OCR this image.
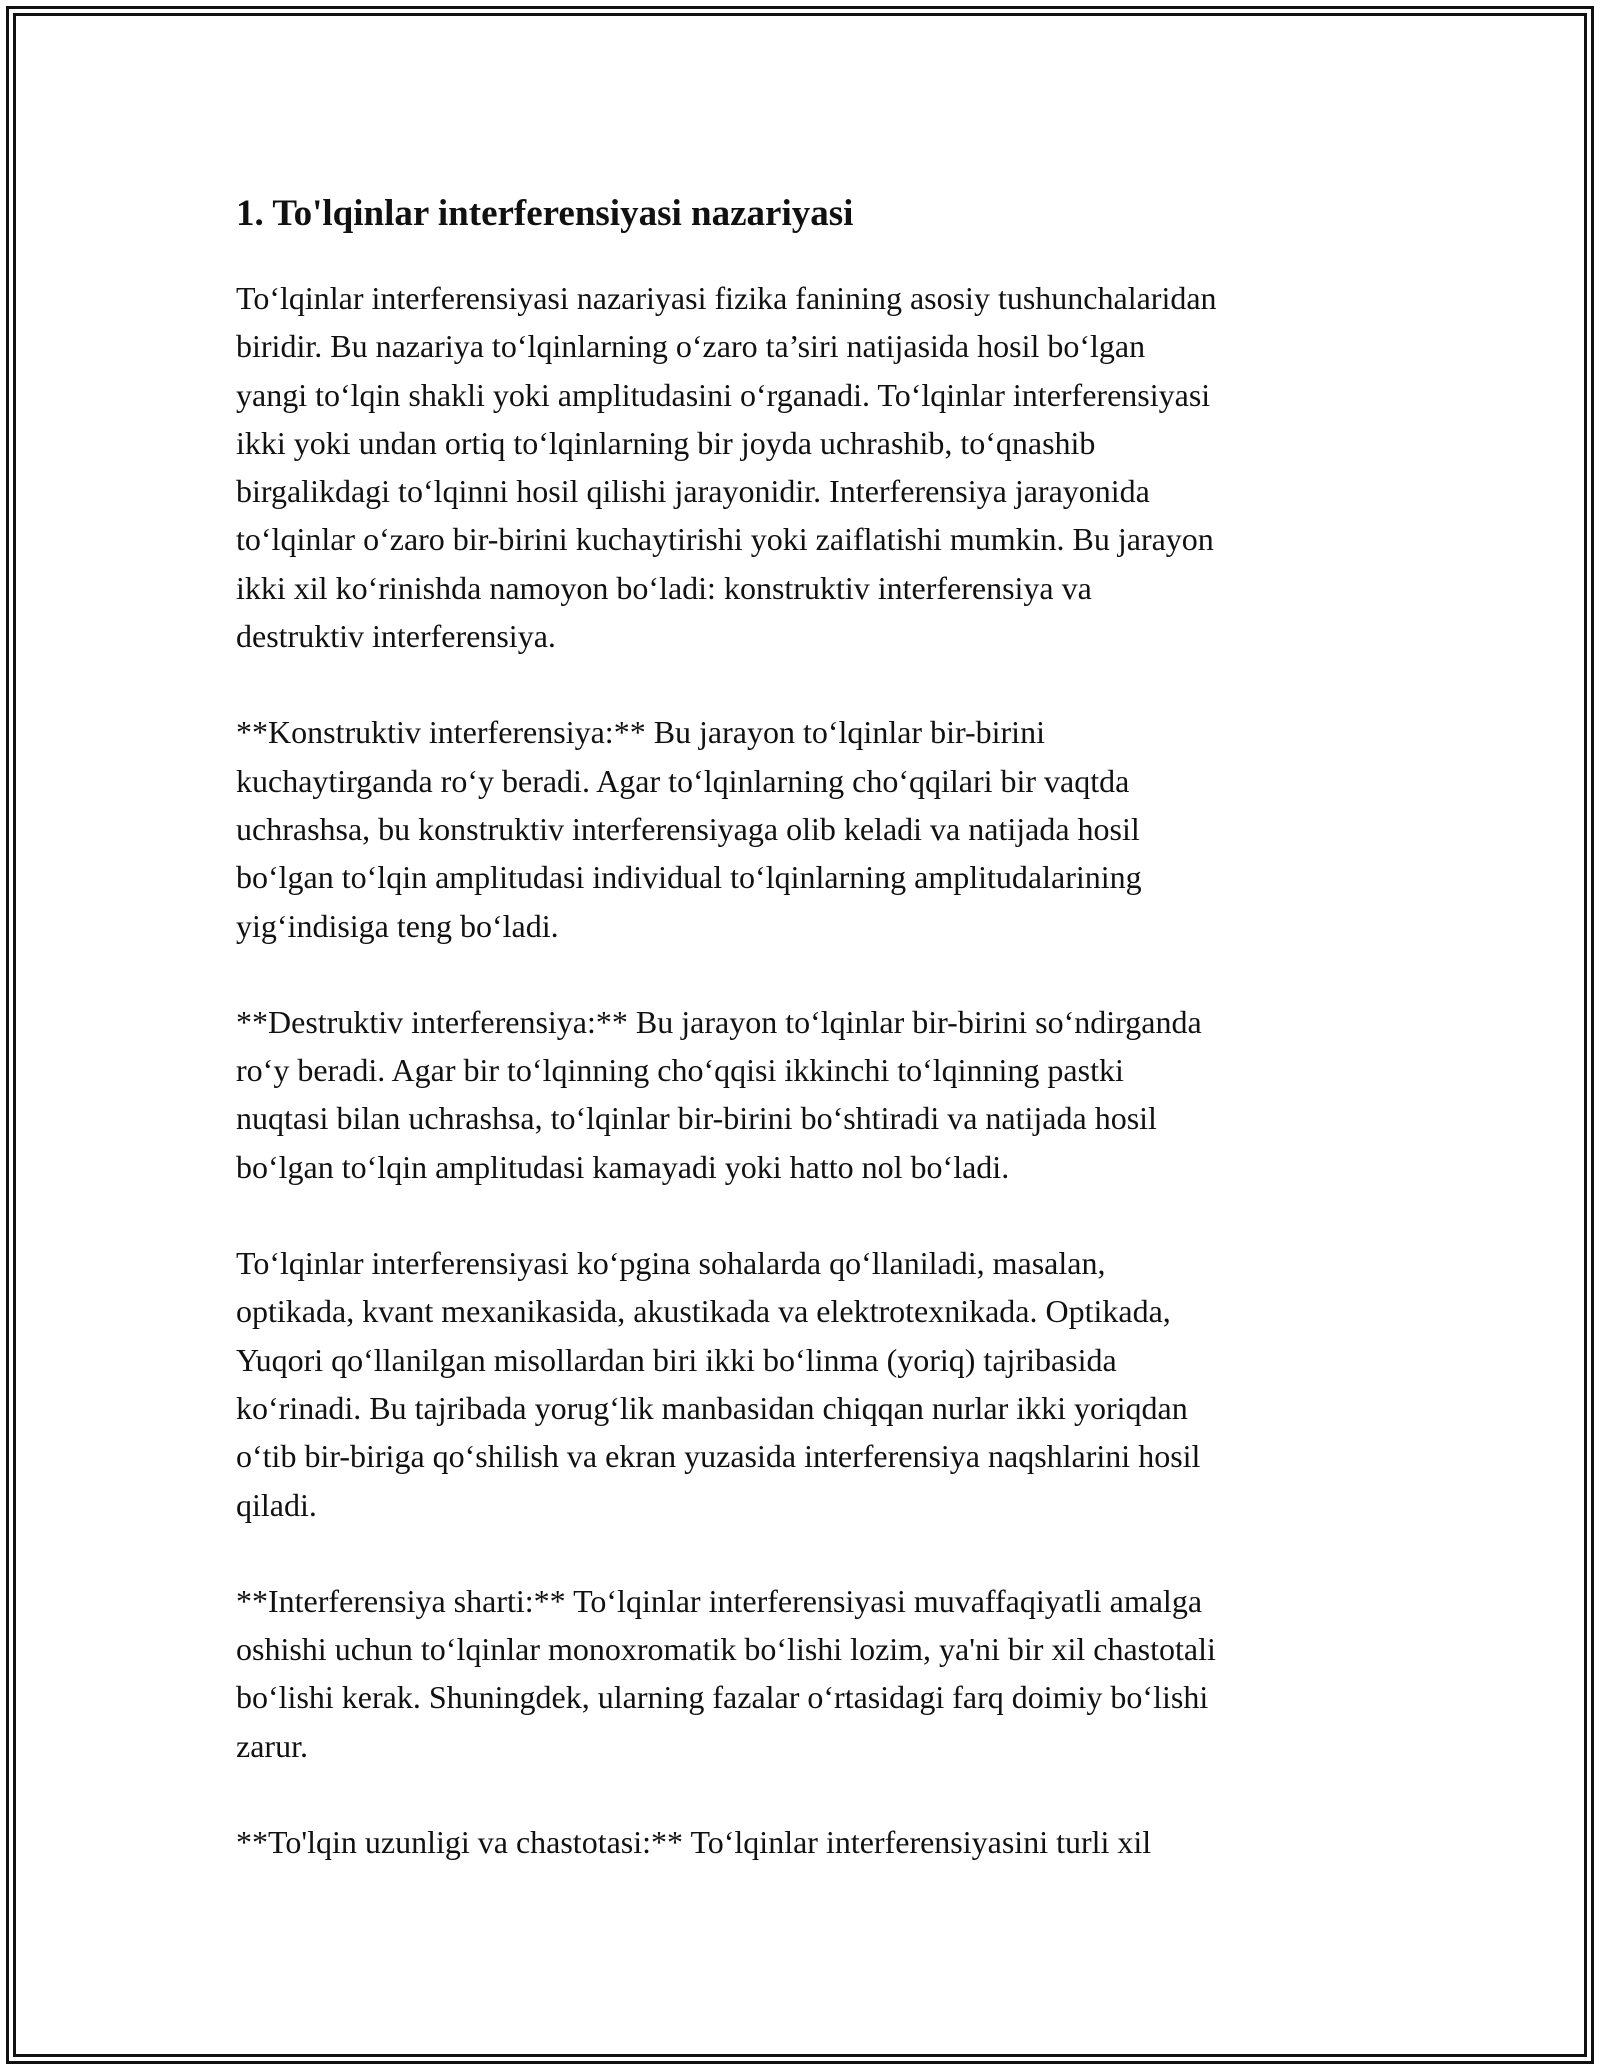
1. To'lqinlar interferensiyasi nazariyasi

To‘lqinlar interferensiyasi nazariyasi fizika fanining asosiy tushunchalaridan
biridir. Bu nazariya to‘lqinlarning o‘zaro ta’siri natijasida hosil bo‘lgan
yangi to‘lqin shakli yoki amplitudasini o‘rganadi. To‘lqinlar interferensiyasi
ikki yoki undan ortiq to‘lqinlarning bir joyda uchrashib, to‘qnashib
birgalikdagi to‘lqinni hosil qilishi jarayonidir. Interferensiya jarayonida
to‘lqinlar o‘zaro bir-birini kuchaytirishi yoki zaiflatishi mumkin. Bu jarayon
ikki xil ko‘rinishda namoyon bo‘ladi: konstruktiv interferensiya va
destruktiv interferensiya.

**Konstruktiv interferensiya:** Bu jarayon to‘lqinlar bir-birini
kuchaytirganda ro‘y beradi. Agar to‘lqinlarning cho‘qqilari bir vaqtda
uchrashsa, bu konstruktiv interferensiyaga olib keladi va natijada hosil
bo‘lgan to‘lqin amplitudasi individual to‘lqinlarning amplitudalarining
yig‘indisiga teng bo‘ladi.

**Destruktiv interferensiya:** Bu jarayon to‘lqinlar bir-birini so‘ndirganda
ro‘y beradi. Agar bir to‘lqinning cho‘qqisi ikkinchi to‘lqinning pastki
nuqtasi bilan uchrashsa, to‘lqinlar bir-birini bo‘shtiradi va natijada hosil
bo‘lgan to‘lqin amplitudasi kamayadi yoki hatto nol bo‘ladi.

To‘lqinlar interferensiyasi ko‘pgina sohalarda qo‘llaniladi, masalan,
optikada, kvant mexanikasida, akustikada va elektrotexnikada. Optikada,
Yuqori qo‘llanilgan misollardan biri ikki bo‘linma (yoriq) tajribasida
ko‘rinadi. Bu tajribada yorug‘lik manbasidan chiqqan nurlar ikki yoriqdan
o‘tib bir-biriga qo‘shilish va ekran yuzasida interferensiya naqshlarini hosil
qiladi.

**Interferensiya sharti:** To‘lqinlar interferensiyasi muvaffaqiyatli amalga
oshishi uchun to‘lqinlar monoxromatik bo‘lishi lozim, ya'ni bir xil chastotali
bo‘lishi kerak. Shuningdek, ularning fazalar o‘rtasidagi farq doimiy bo‘lishi
zarur.

**To'lqin uzunligi va chastotasi:** To‘lqinlar interferensiyasini turli xil
